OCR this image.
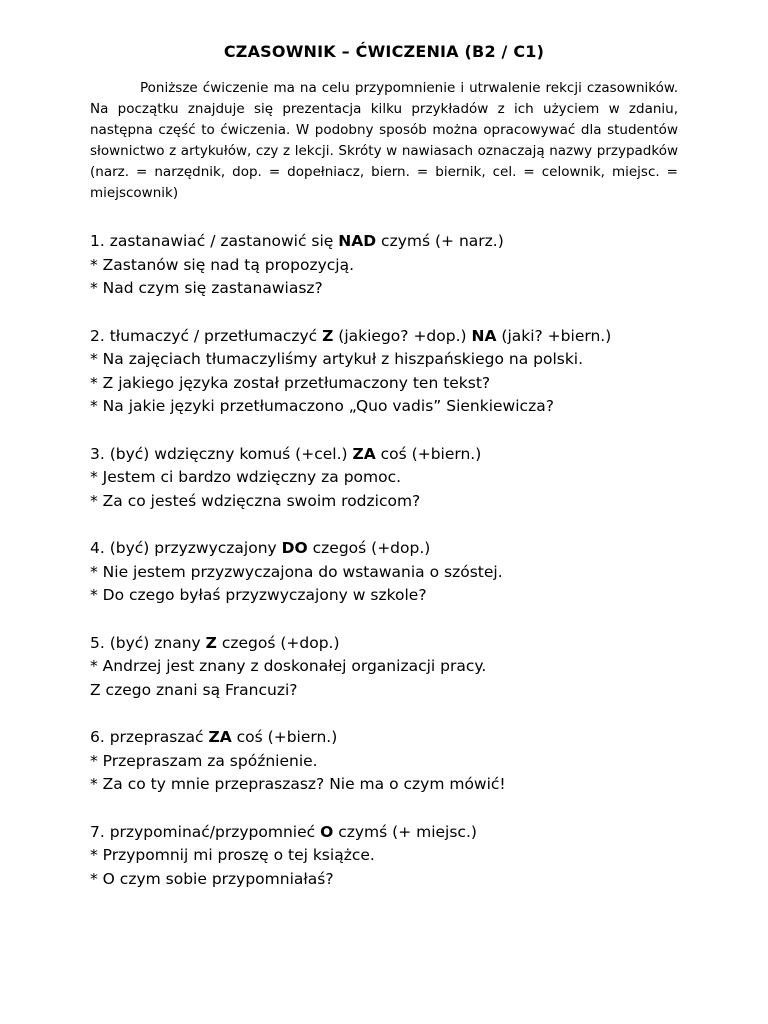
CZASOWNIK – ĆWICZENIA (B2 / C1)

Poniższe ćwiczenie ma na celu przypomnienie i utrwalenie rekcji czasowników. Na początku znajduje się prezentacja kilku przykładów z ich użyciem w zdaniu, następna część to ćwiczenia. W podobny sposób można opracowywać dla studentów słownictwo z artykułów, czy z lekcji. Skróty w nawiasach oznaczają nazwy przypadków (narz. = narzędnik, dop. = dopełniacz, biern. = biernik, cel. = celownik, miejsc. = miejscownik)

1. zastanawiać / zastanowić się NAD czymś (+ narz.)
* Zastanów się nad tą propozycją.
* Nad czym się zastanawiasz?
2. tłumaczyć / przetłumaczyć Z (jakiego? +dop.) NA (jaki? +biern.)
* Na zajęciach tłumaczyliśmy artykuł z hiszpańskiego na polski.
* Z jakiego języka został przetłumaczony ten tekst?
* Na jakie języki przetłumaczono „Quo vadis” Sienkiewicza?
3. (być) wdzięczny komuś (+cel.) ZA coś (+biern.)
* Jestem ci bardzo wdzięczny za pomoc.
* Za co jesteś wdzięczna swoim rodzicom?
4. (być) przyzwyczajony DO czegoś (+dop.)
* Nie jestem przyzwyczajona do wstawania o szóstej.
* Do czego byłaś przyzwyczajony w szkole?
5. (być) znany Z czegoś (+dop.)
* Andrzej jest znany z doskonałej organizacji pracy.
Z czego znani są Francuzi?
6. przepraszać ZA coś (+biern.)
* Przepraszam za spóźnienie.
* Za co ty mnie przepraszasz? Nie ma o czym mówić!
7. przypominać/przypomnieć O czymś (+ miejsc.)
* Przypomnij mi proszę o tej książce.
* O czym sobie przypomniałaś?
